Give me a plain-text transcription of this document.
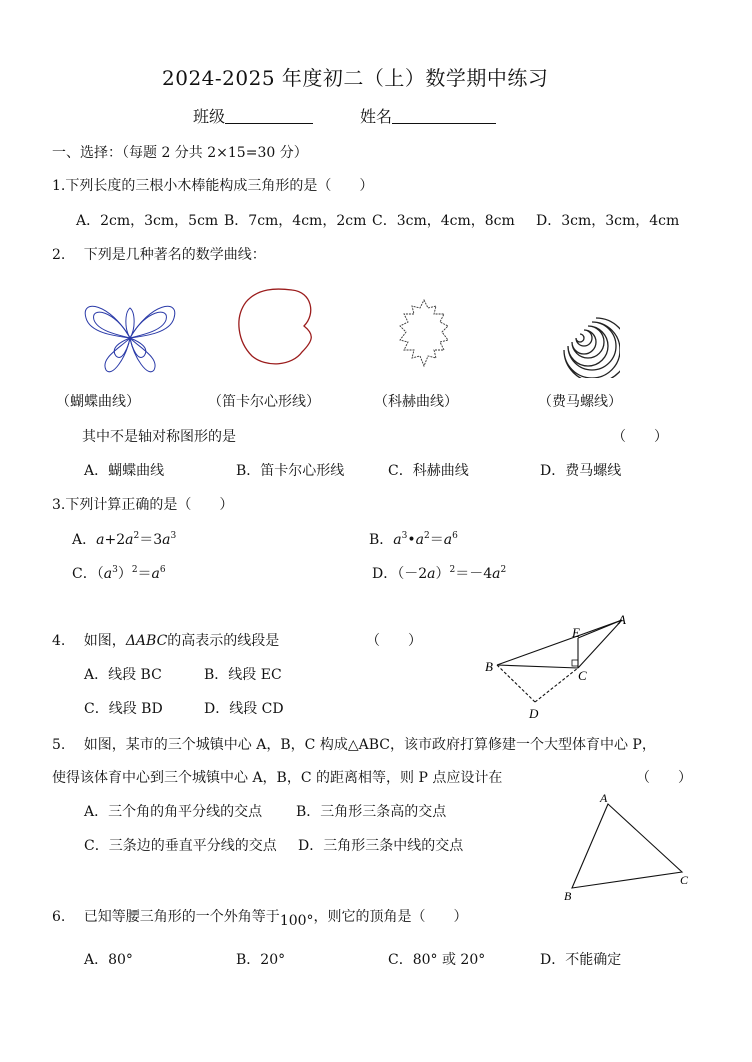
2024-2025 年度初二（上）数学期中练习
班级	姓名
一、选择：（每题 2 分共 2×15=30 分）
1.下列长度的三根小木棒能构成三角形的是（　　）
A．2cm，3cm，5cm B．7cm，4cm，2cm C．3cm，4cm，8cm D．3cm，3cm，4cm
2.　 下列是几种著名的数学曲线：
（蝴蝶曲线）	（笛卡尔心形线）	（科赫曲线）	（费马螺线）
其中不是轴对称图形的是	（　　）
A．蝴蝶曲线	B．笛卡尔心形线	C．科赫曲线	D．费马螺线
3.下列计算正确的是（　　）
A．$a+2a^2=3a^3$	B．$a^3•a^2=a^6$
C．$(a^3)^2=a^6$	D．$(-2a)^2=-4a^2$
4.　 如图，ΔABC的高表示的线段是	（　　）
A．线段 BC	B．线段 EC
C．线段 BD	D．线段 CD
A
E
B
C
D
5.　 如图，某市的三个城镇中心 A，B，C 构成△ABC，该市政府打算修建一个大型体育中心 P，
使得该体育中心到三个城镇中心 A，B，C 的距离相等，则 P 点应设计在	（　　）
A．三个角的角平分线的交点 B．三角形三条高的交点
C．三条边的垂直平分线的交点 D．三角形三条中线的交点
A
B
C
6.　 已知等腰三角形的一个外角等于100°，则它的顶角是（　　）
A．80°	B．20°	C．80° 或 20°	D．不能确定
